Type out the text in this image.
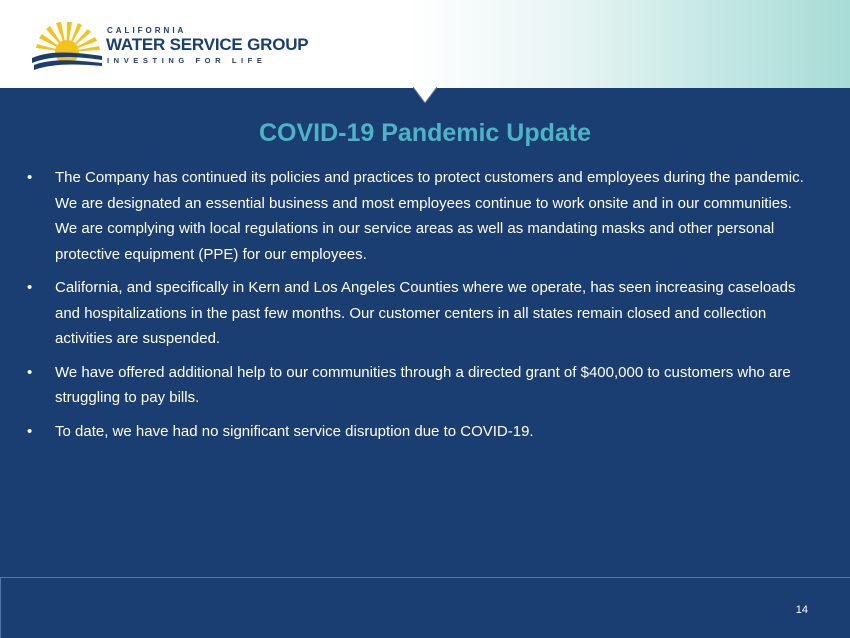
CALIFORNIA
WATER SERVICE GROUP
INVESTING FOR LIFE
COVID-19 Pandemic Update
• The Company has continued its policies and practices to protect customers and employees during the pandemic. We are designated an essential business and most employees continue to work onsite and in our communities. We are complying with local regulations in our service areas as well as mandating masks and other personal protective equipment (PPE) for our employees.
• California, and specifically in Kern and Los Angeles Counties where we operate, has seen increasing caseloads and hospitalizations in the past few months. Our customer centers in all states remain closed and collection activities are suspended.
• We have offered additional help to our communities through a directed grant of $400,000 to customers who are struggling to pay bills.
• To date, we have had no significant service disruption due to COVID-19.
14
